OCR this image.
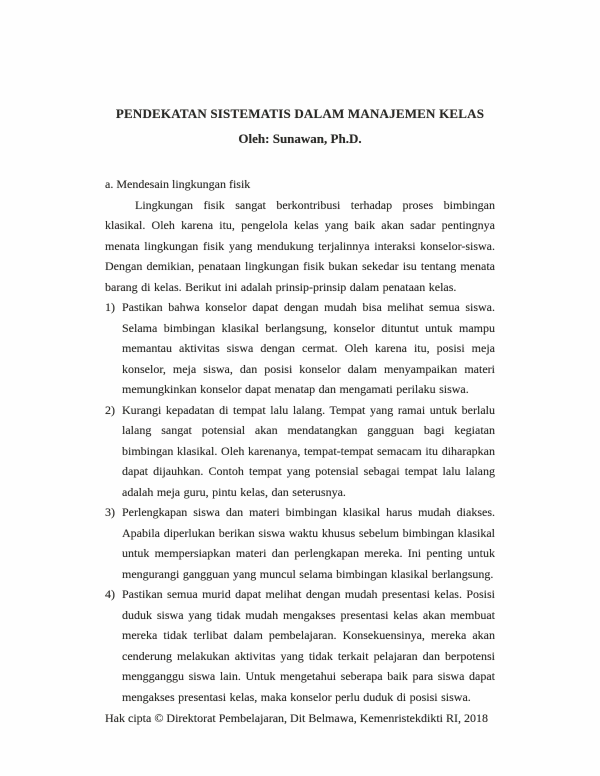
PENDEKATAN SISTEMATIS DALAM MANAJEMEN KELAS
Oleh: Sunawan, Ph.D.
a. Mendesain lingkungan fisik

Lingkungan fisik sangat berkontribusi terhadap proses bimbingan klasikal. Oleh karena itu, pengelola kelas yang baik akan sadar pentingnya menata lingkungan fisik yang mendukung terjalinnya interaksi konselor-siswa. Dengan demikian, penataan lingkungan fisik bukan sekedar isu tentang menata barang di kelas. Berikut ini adalah prinsip-prinsip dalam penataan kelas.

1) Pastikan bahwa konselor dapat dengan mudah bisa melihat semua siswa. Selama bimbingan klasikal berlangsung, konselor dituntut untuk mampu memantau aktivitas siswa dengan cermat. Oleh karena itu, posisi meja konselor, meja siswa, dan posisi konselor dalam menyampaikan materi memungkinkan konselor dapat menatap dan mengamati perilaku siswa.
2) Kurangi kepadatan di tempat lalu lalang. Tempat yang ramai untuk berlalu lalang sangat potensial akan mendatangkan gangguan bagi kegiatan bimbingan klasikal. Oleh karenanya, tempat-tempat semacam itu diharapkan dapat dijauhkan. Contoh tempat yang potensial sebagai tempat lalu lalang adalah meja guru, pintu kelas, dan seterusnya.
3) Perlengkapan siswa dan materi bimbingan klasikal harus mudah diakses. Apabila diperlukan berikan siswa waktu khusus sebelum bimbingan klasikal untuk mempersiapkan materi dan perlengkapan mereka. Ini penting untuk mengurangi gangguan yang muncul selama bimbingan klasikal berlangsung.
4) Pastikan semua murid dapat melihat dengan mudah presentasi kelas. Posisi duduk siswa yang tidak mudah mengakses presentasi kelas akan membuat mereka tidak terlibat dalam pembelajaran. Konsekuensinya, mereka akan cenderung melakukan aktivitas yang tidak terkait pelajaran dan berpotensi mengganggu siswa lain. Untuk mengetahui seberapa baik para siswa dapat mengakses presentasi kelas, maka konselor perlu duduk di posisi siswa.
Hak cipta © Direktorat Pembelajaran, Dit Belmawa, Kemenristekdikti RI, 2018
